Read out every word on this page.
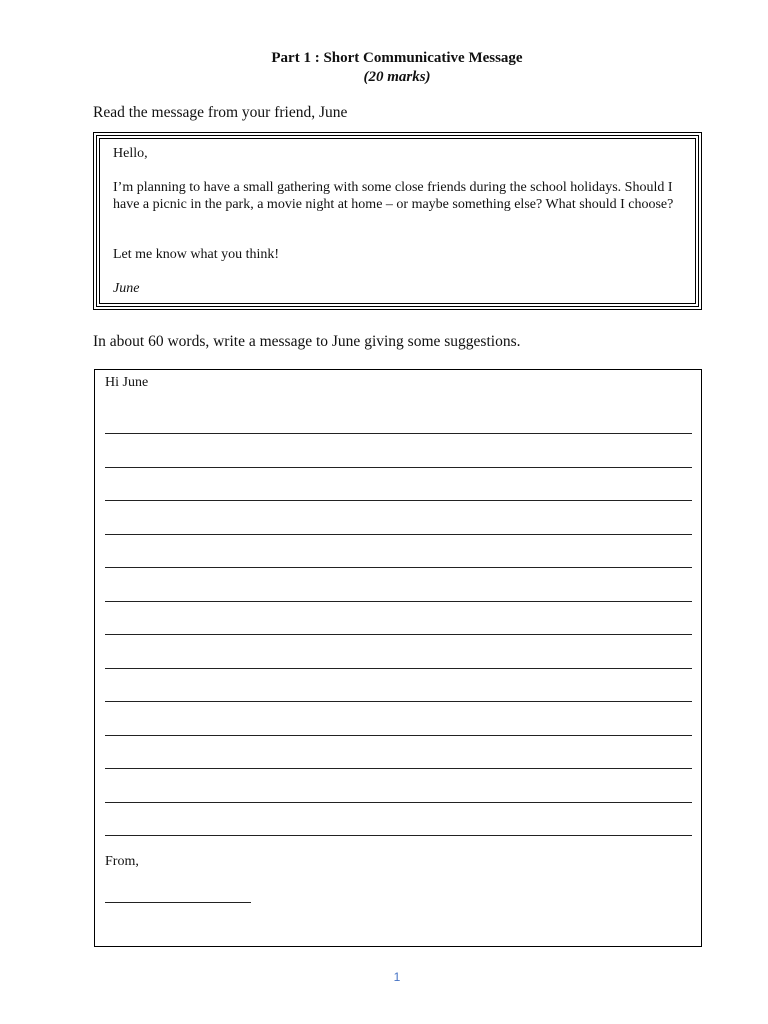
Part 1 : Short Communicative Message
(20 marks)
Read the message from your friend, June
Hello,
I’m planning to have a small gathering with some close friends during the school holidays. Should I have a picnic in the park, a movie night at home – or maybe something else? What should I choose?
Let me know what you think!
June
In about 60 words, write a message to June giving some suggestions.
Hi June
From,
1
